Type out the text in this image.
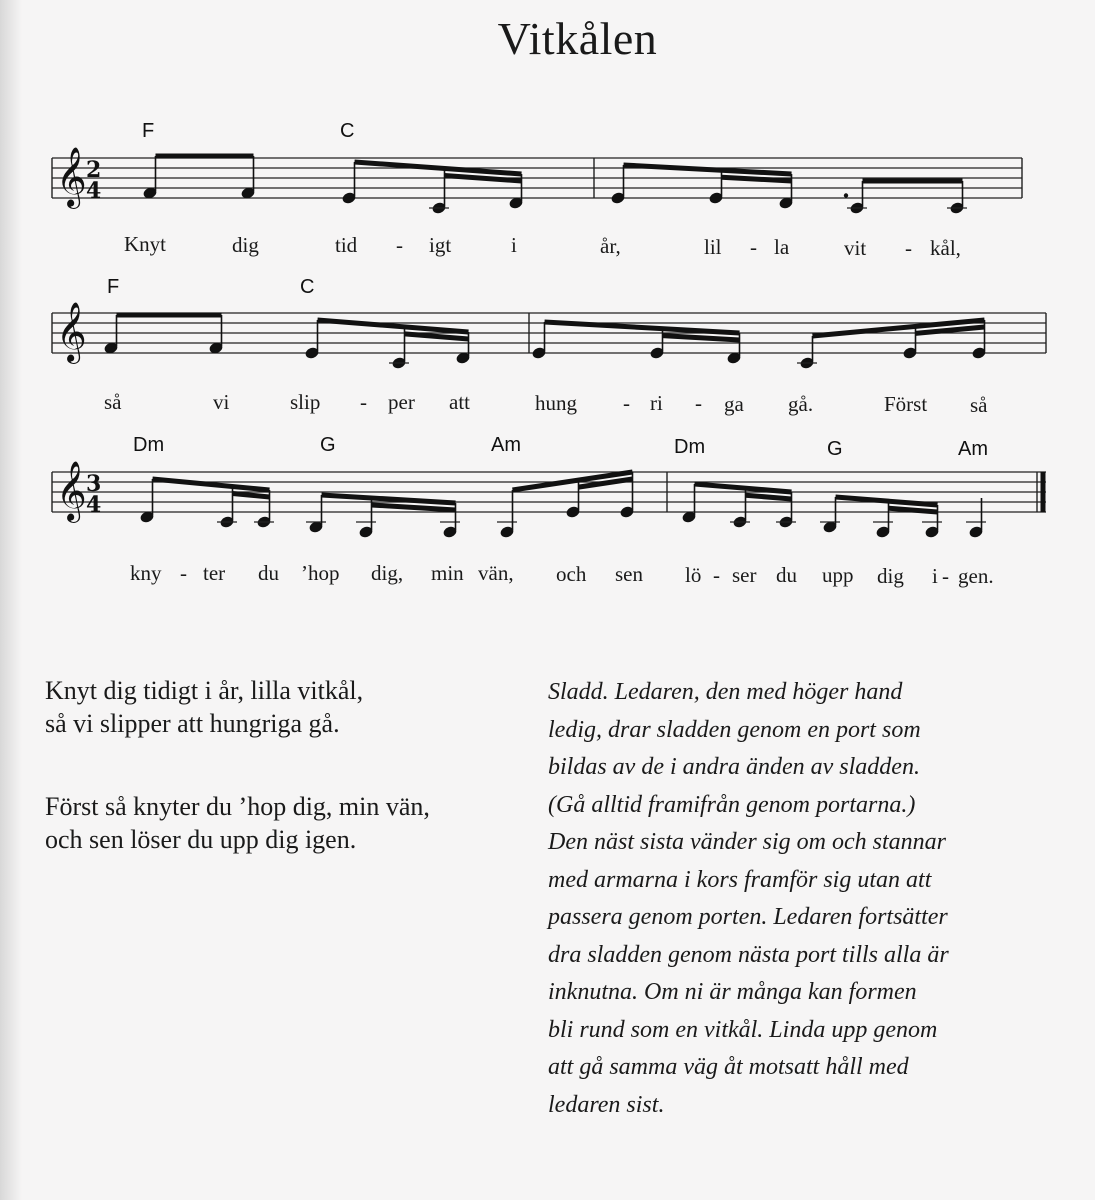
Vitkålen
𝄞 2
4
𝄞
𝄞 3
4
F	C
F	C
Dm	G	Am	Dm	G	Am
Knyt	dig	tid - igt	i	år,	lil - la	vit - kål,
så	vi	slip - per att	hung - ri - ga gå.	Först så
kny - ter du ’hop dig, min vän, och sen lö - ser du upp dig i - gen.

Knyt dig tidigt i år, lilla vitkål,

så vi slipper att hungriga gå.

Först så knyter du ’hop dig, min vän,

och sen löser du upp dig igen.

Sladd. Ledaren, den med höger hand

ledig, drar sladden genom en port som

bildas av de i andra änden av sladden.

(Gå alltid framifrån genom portarna.)

Den näst sista vänder sig om och stannar

med armarna i kors framför sig utan att

passera genom porten. Ledaren fortsätter

dra sladden genom nästa port tills alla är

inknutna. Om ni är många kan formen

bli rund som en vitkål. Linda upp genom

att gå samma väg åt motsatt håll med

ledaren sist.
